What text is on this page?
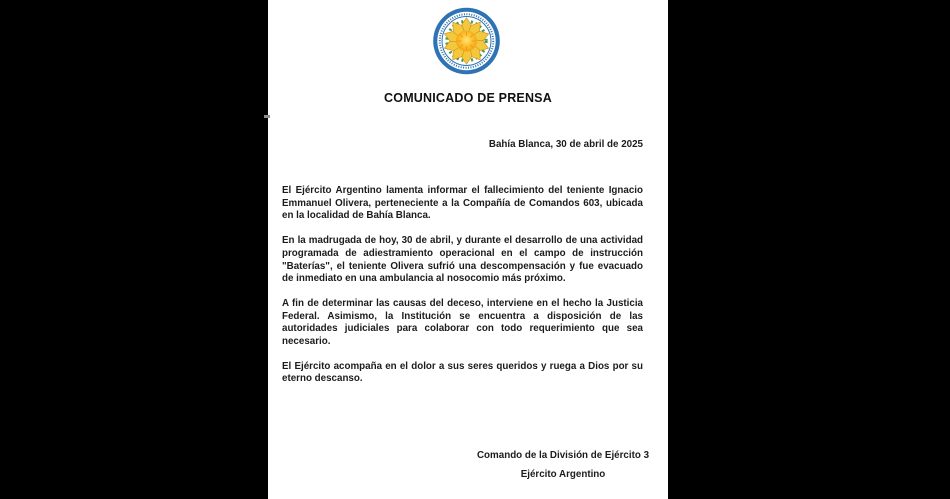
COMUNICADO DE PRENSA
Bahía Blanca, 30 de abril de 2025

El Ejército Argentino lamenta informar el fallecimiento del teniente Ignacio Emmanuel Olivera, perteneciente a la Compañía de Comandos 603, ubicada en la localidad de Bahía Blanca.

En la madrugada de hoy, 30 de abril, y durante el desarrollo de una actividad programada de adiestramiento operacional en el campo de instrucción "Baterías", el teniente Olivera sufrió una descompensación y fue evacuado de inmediato en una ambulancia al nosocomio más próximo.

A fin de determinar las causas del deceso, interviene en el hecho la Justicia Federal. Asimismo, la Institución se encuentra a disposición de las autoridades judiciales para colaborar con todo requerimiento que sea necesario.

El Ejército acompaña en el dolor a sus seres queridos y ruega a Dios por su eterno descanso.

Comando de la División de Ejército 3
Ejército Argentino
